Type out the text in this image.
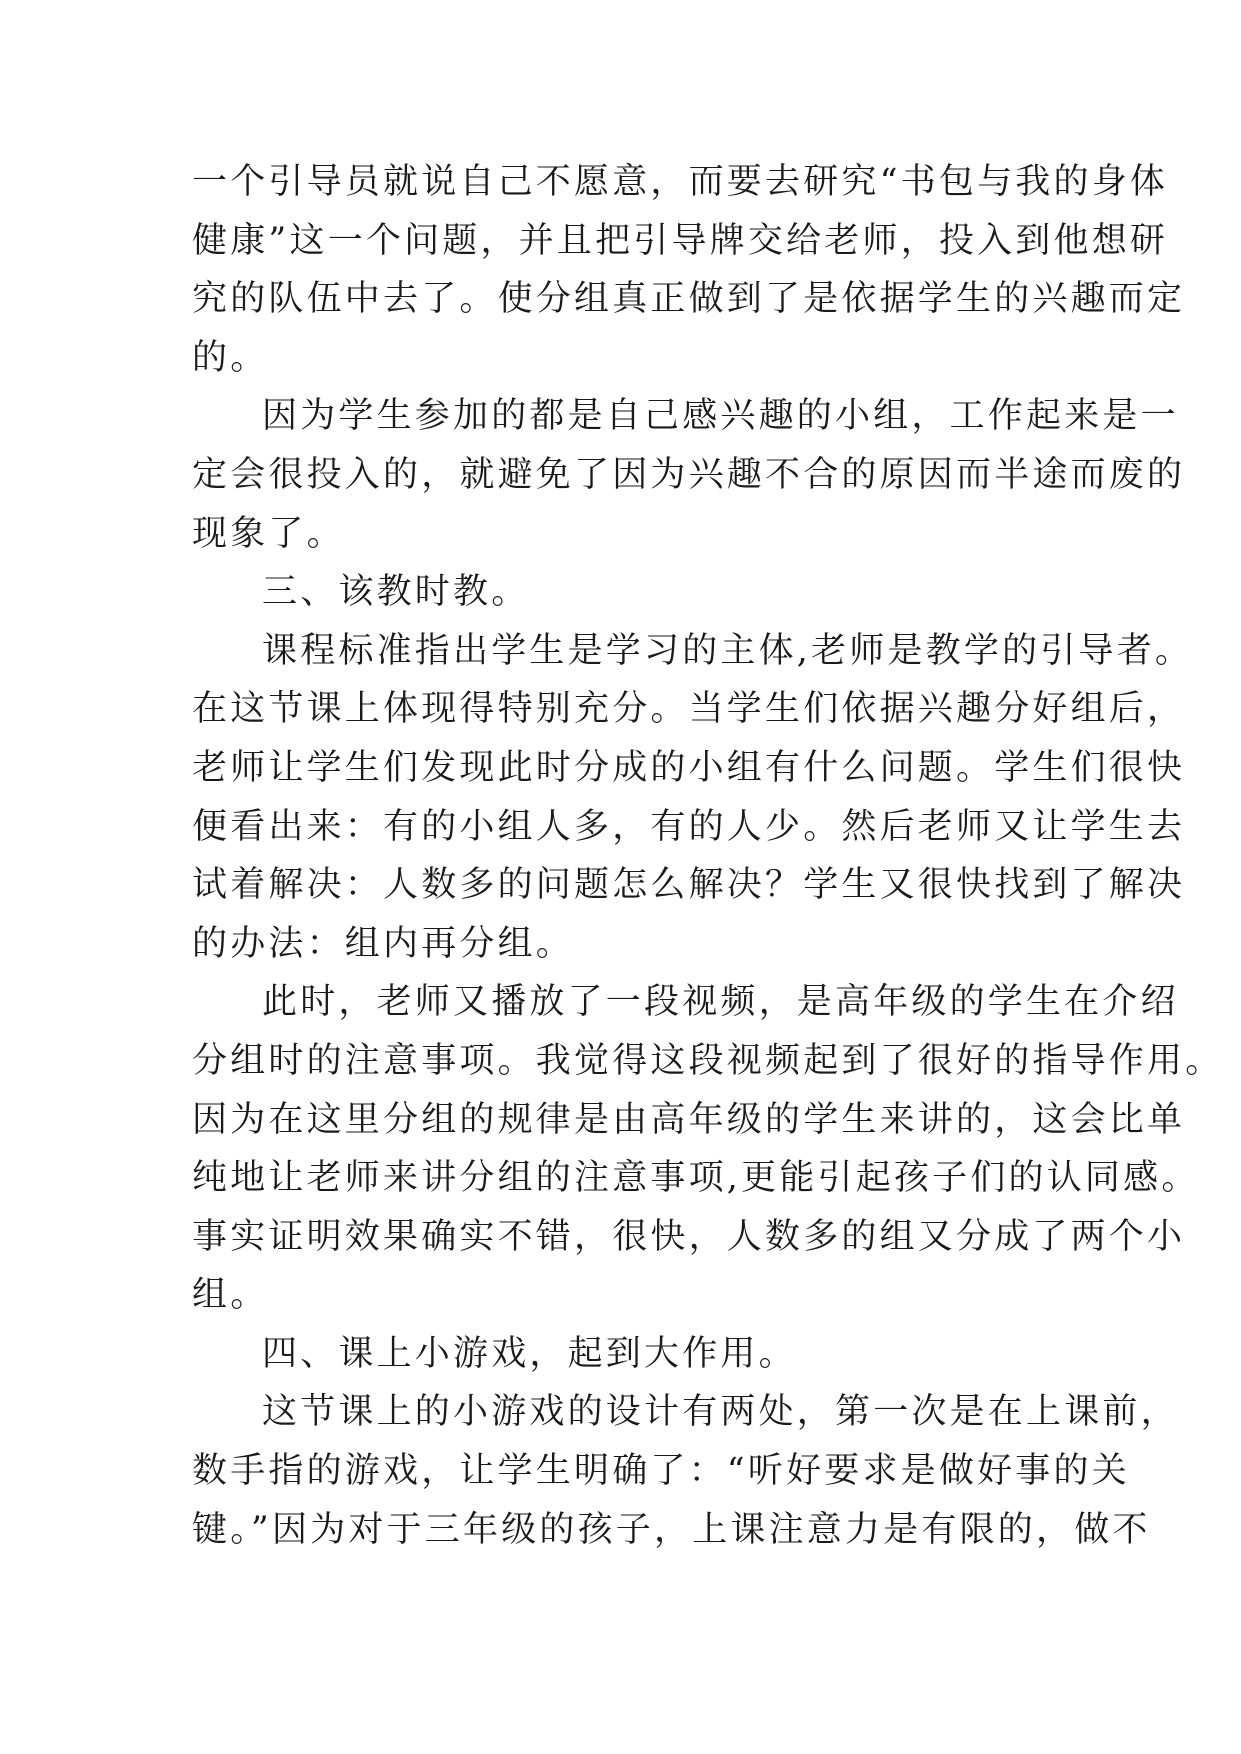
一个引导员就说自己不愿意，而要去研究“书包与我的身体
健康”这一个问题，并且把引导牌交给老师，投入到他想研
究的队伍中去了。使分组真正做到了是依据学生的兴趣而定
的。
因为学生参加的都是自己感兴趣的小组，工作起来是一
定会很投入的，就避免了因为兴趣不合的原因而半途而废的
现象了。
三、该教时教。
课程标准指出学生是学习的主体,老师是教学的引导者。
在这节课上体现得特别充分。当学生们依据兴趣分好组后，
老师让学生们发现此时分成的小组有什么问题。学生们很快
便看出来：有的小组人多，有的人少。然后老师又让学生去
试着解决：人数多的问题怎么解决？学生又很快找到了解决
的办法：组内再分组。
此时，老师又播放了一段视频，是高年级的学生在介绍
分组时的注意事项。我觉得这段视频起到了很好的指导作用。
因为在这里分组的规律是由高年级的学生来讲的，这会比单
纯地让老师来讲分组的注意事项,更能引起孩子们的认同感。
事实证明效果确实不错，很快，人数多的组又分成了两个小
组。
四、课上小游戏，起到大作用。
这节课上的小游戏的设计有两处，第一次是在上课前，
数手指的游戏，让学生明确了：“听好要求是做好事的关
键。”因为对于三年级的孩子，上课注意力是有限的，做不
